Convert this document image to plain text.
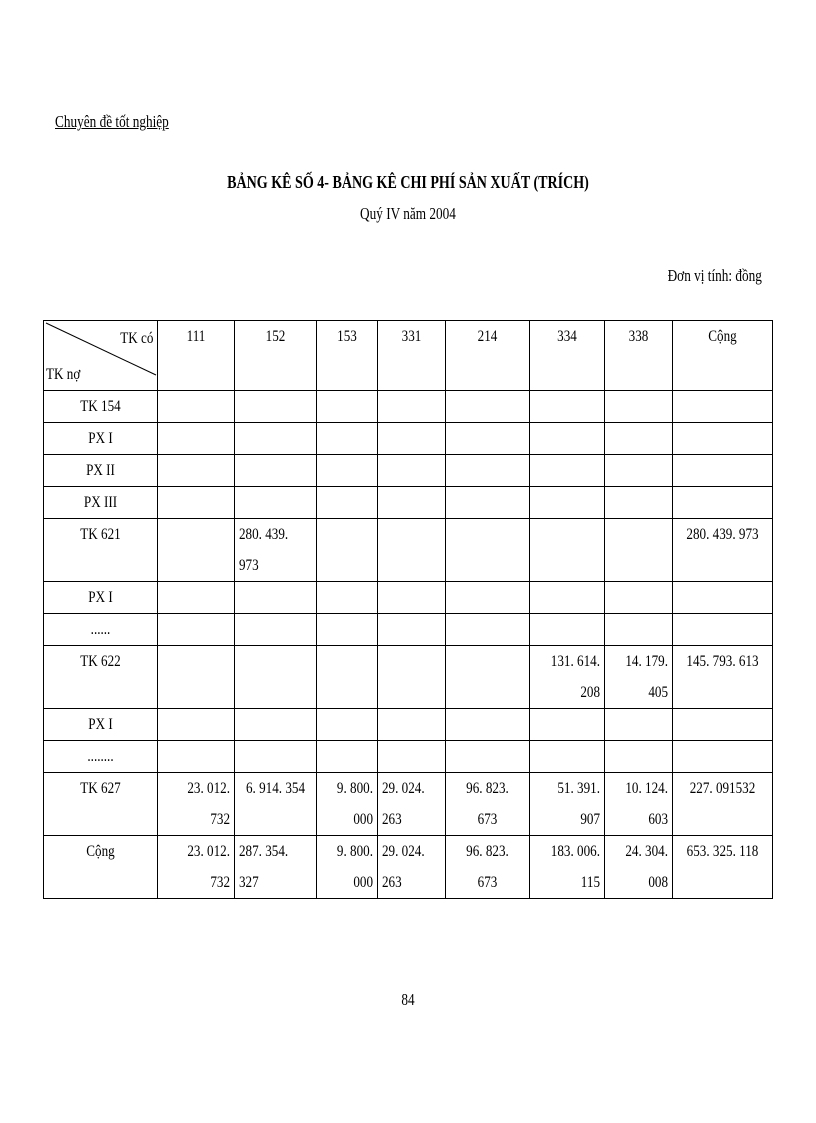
Chuyên đề tốt nghiệp
BẢNG KÊ SỐ 4- BẢNG KÊ CHI PHÍ SẢN XUẤT (TRÍCH)
Quý IV năm 2004
Đơn vị tính: đồng
TK có
TK nợ	111	152	153	331	214	334	338	Cộng

TK 154								

PX I								

PX II								

PX III								

TK 621		280. 439.
973						280. 439. 973

PX I								

......								

TK 622						131. 614.
208	14. 179.
405	145. 793. 613

PX I								

........								

TK 627	23. 012.
732	6. 914. 354	9. 800.
000	29. 024.
263	96. 823. 673	51. 391.
907	10. 124.
603	227. 091532

Cộng	23. 012.
732	287. 354.
327	9. 800.
000	29. 024.
263	96. 823. 673	183. 006.
115	24. 304.
008	653. 325. 118
84
